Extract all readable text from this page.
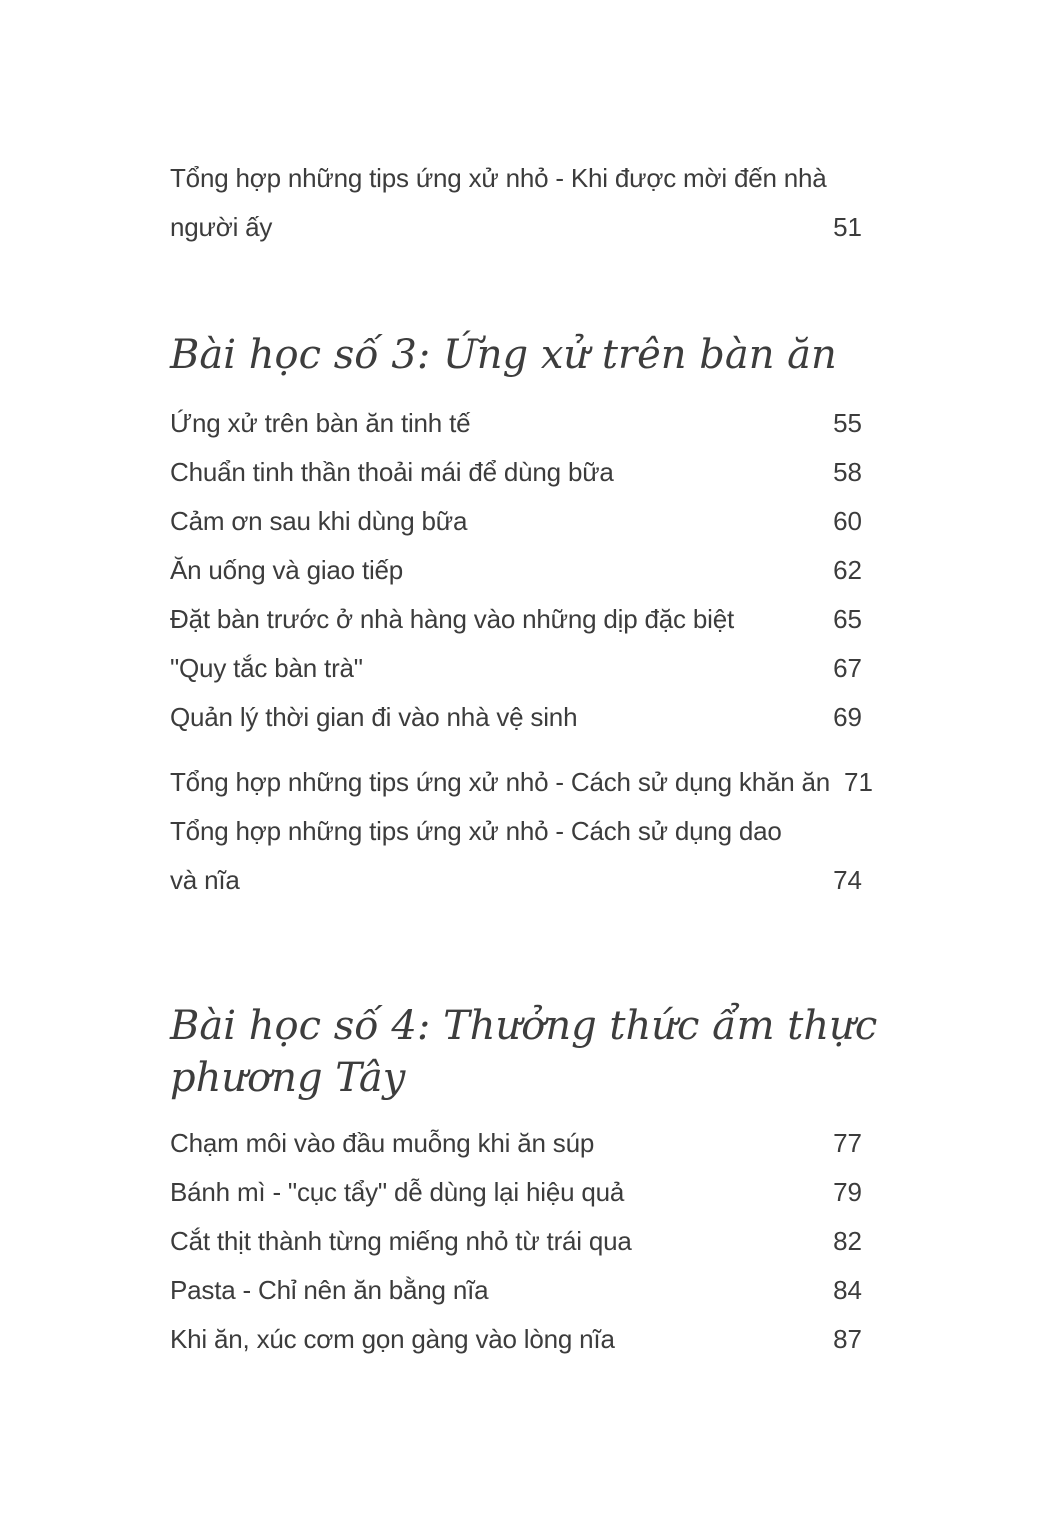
Tổng hợp những tips ứng xử nhỏ - Khi được mời đến nhà
người ấy	51
Bài học số 3: Ứng xử trên bàn ăn
Ứng xử trên bàn ăn tinh tế	55
Chuẩn tinh thần thoải mái để dùng bữa	58
Cảm ơn sau khi dùng bữa	60
Ăn uống và giao tiếp	62
Đặt bàn trước ở nhà hàng vào những dịp đặc biệt	65
"Quy tắc bàn trà"	67
Quản lý thời gian đi vào nhà vệ sinh	69
Tổng hợp những tips ứng xử nhỏ - Cách sử dụng khăn ăn 71
Tổng hợp những tips ứng xử nhỏ - Cách sử dụng dao
và nĩa	74
Bài học số 4: Thưởng thức ẩm thực
phương Tây
Chạm môi vào đầu muỗng khi ăn súp	77
Bánh mì - "cục tẩy" dễ dùng lại hiệu quả	79
Cắt thịt thành từng miếng nhỏ từ trái qua	82
Pasta - Chỉ nên ăn bằng nĩa	84
Khi ăn, xúc cơm gọn gàng vào lòng nĩa	87
